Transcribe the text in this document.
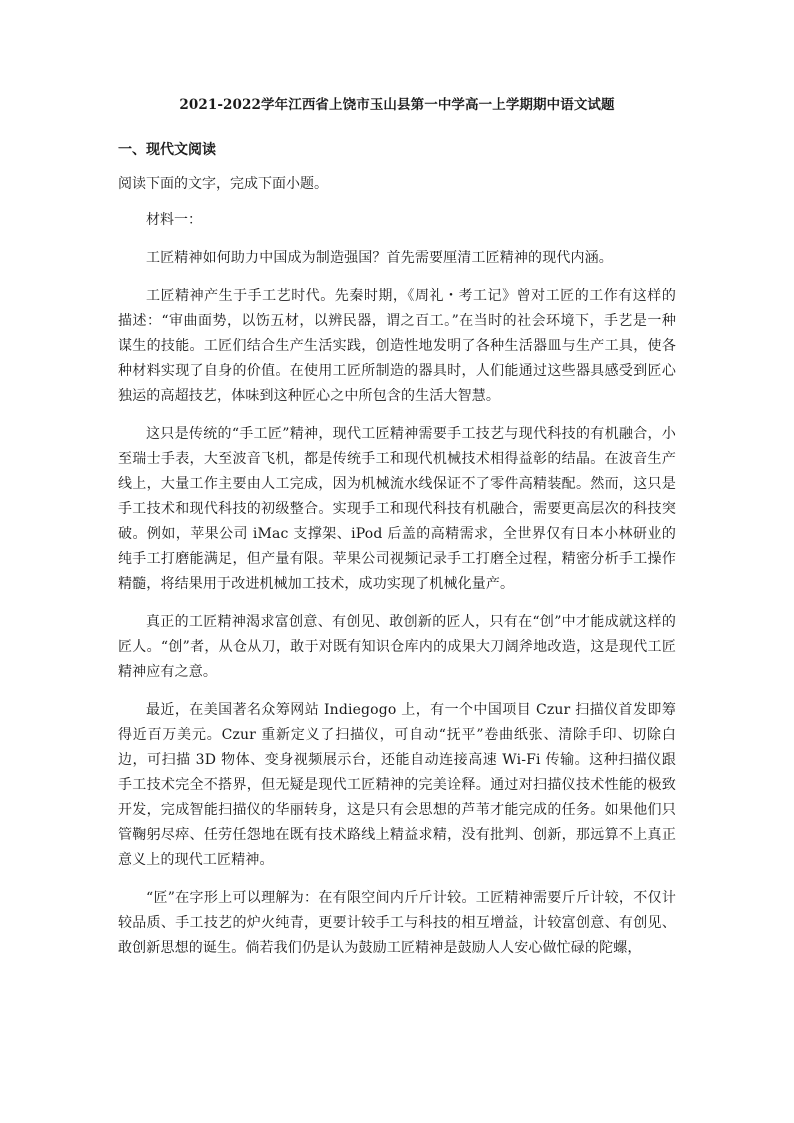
2021-2022学年江西省上饶市玉山县第一中学高一上学期期中语文试题
一、现代文阅读
阅读下面的文字，完成下面小题。
材料一：

工匠精神如何助力中国成为制造强国？首先需要厘清工匠精神的现代内涵。

工匠精神产生于手工艺时代。先秦时期，《周礼・考工记》曾对工匠的工作有这样的描述：“审曲面势，以饬五材，以辨民器，谓之百工。”在当时的社会环境下，手艺是一种谋生的技能。工匠们结合生产生活实践，创造性地发明了各种生活器皿与生产工具，使各种材料实现了自身的价值。在使用工匠所制造的器具时，人们能通过这些器具感受到匠心独运的高超技艺，体味到这种匠心之中所包含的生活大智慧。

这只是传统的“手工匠”精神，现代工匠精神需要手工技艺与现代科技的有机融合，小至瑞士手表，大至波音飞机，都是传统手工和现代机械技术相得益彰的结晶。在波音生产线上，大量工作主要由人工完成，因为机械流水线保证不了零件高精装配。然而，这只是手工技术和现代科技的初级整合。实现手工和现代科技有机融合，需要更高层次的科技突破。例如，苹果公司 iMac 支撑架、iPod 后盖的高精需求，全世界仅有日本小林研业的纯手工打磨能满足，但产量有限。苹果公司视频记录手工打磨全过程，精密分析手工操作精髓，将结果用于改进机械加工技术，成功实现了机械化量产。

真正的工匠精神渴求富创意、有创见、敢创新的匠人，只有在“创”中才能成就这样的匠人。“创”者，从仓从刀，敢于对既有知识仓库内的成果大刀阔斧地改造，这是现代工匠精神应有之意。

最近，在美国著名众筹网站 Indiegogo 上，有一个中国项目 Czur 扫描仪首发即筹得近百万美元。Czur 重新定义了扫描仪，可自动“抚平”卷曲纸张、清除手印、切除白边，可扫描 3D 物体、变身视频展示台，还能自动连接高速 Wi-Fi 传输。这种扫描仪跟手工技术完全不搭界，但无疑是现代工匠精神的完美诠释。通过对扫描仪技术性能的极致开发，完成智能扫描仪的华丽转身，这是只有会思想的芦苇才能完成的任务。如果他们只管鞠躬尽瘁、任劳任怨地在既有技术路线上精益求精，没有批判、创新，那远算不上真正意义上的现代工匠精神。

“匠”在字形上可以理解为：在有限空间内斤斤计较。工匠精神需要斤斤计较，不仅计较品质、手工技艺的炉火纯青，更要计较手工与科技的相互增益，计较富创意、有创见、敢创新思想的诞生。倘若我们仍是认为鼓励工匠精神是鼓励人人安心做忙碌的陀螺，
